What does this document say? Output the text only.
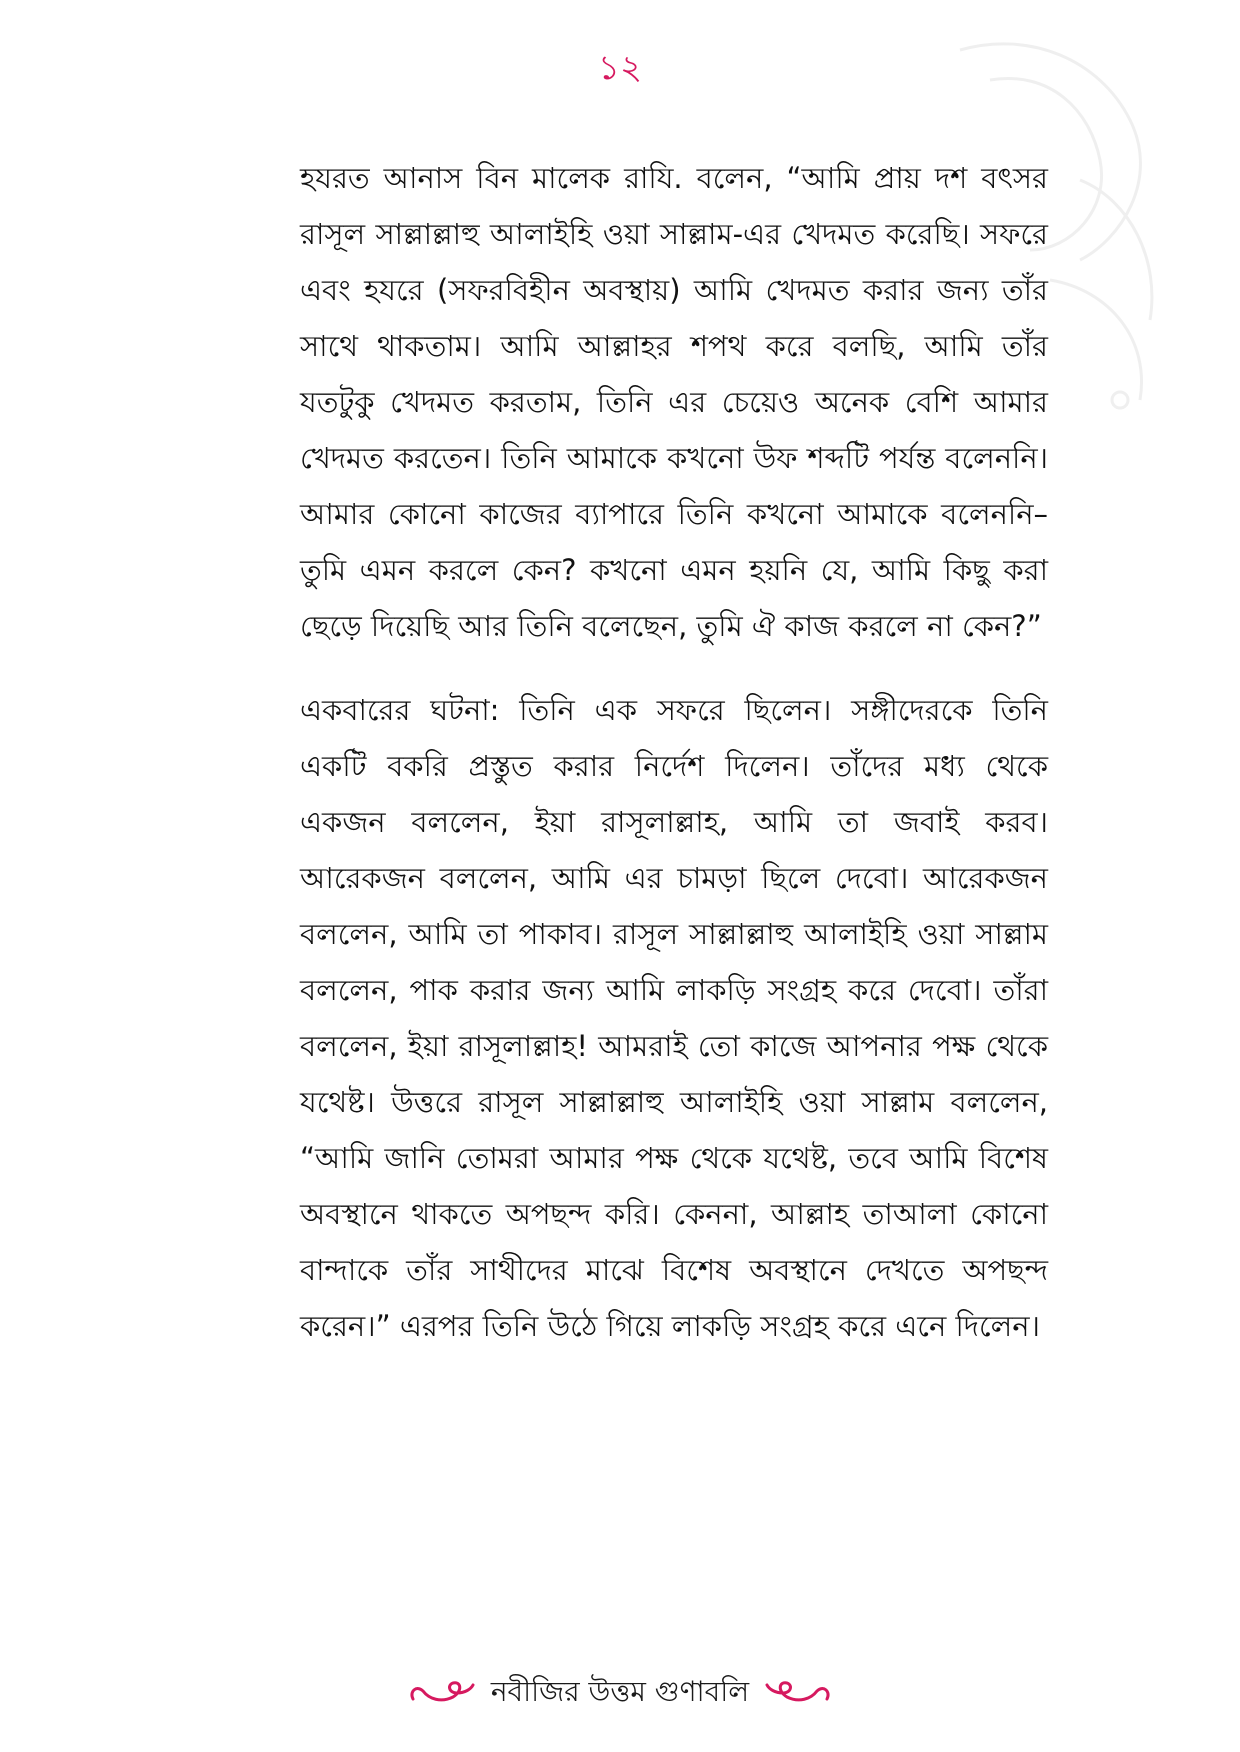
১২

হযরত আনাস বিন মালেক রাযি. বলেন, “আমি প্রায় দশ বৎসর রাসূল সাল্লাল্লাহু আলাইহি ওয়া সাল্লাম-এর খেদমত করেছি। সফরে এবং হযরে (সফরবিহীন অবস্থায়) আমি খেদমত করার জন্য তাঁর সাথে থাকতাম। আমি আল্লাহর শপথ করে বলছি, আমি তাঁর যতটুকু খেদমত করতাম, তিনি এর চেয়েও অনেক বেশি আমার খেদমত করতেন। তিনি আমাকে কখনো উফ শব্দটি পর্যন্ত বলেননি। আমার কোনো কাজের ব্যাপারে তিনি কখনো আমাকে বলেননি– তুমি এমন করলে কেন? কখনো এমন হয়নি যে, আমি কিছু করা ছেড়ে দিয়েছি আর তিনি বলেছেন, তুমি ঐ কাজ করলে না কেন?”

একবারের ঘটনা: তিনি এক সফরে ছিলেন। সঙ্গীদেরকে তিনি একটি বকরি প্রস্তুত করার নির্দেশ দিলেন। তাঁদের মধ্য থেকে একজন বললেন, ইয়া রাসূলাল্লাহ, আমি তা জবাই করব। আরেকজন বললেন, আমি এর চামড়া ছিলে দেবো। আরেকজন বললেন, আমি তা পাকাব। রাসূল সাল্লাল্লাহু আলাইহি ওয়া সাল্লাম বললেন, পাক করার জন্য আমি লাকড়ি সংগ্রহ করে দেবো। তাঁরা বললেন, ইয়া রাসূলাল্লাহ! আমরাই তো কাজে আপনার পক্ষ থেকে যথেষ্ট। উত্তরে রাসূল সাল্লাল্লাহু আলাইহি ওয়া সাল্লাম বললেন, “আমি জানি তোমরা আমার পক্ষ থেকে যথেষ্ট, তবে আমি বিশেষ অবস্থানে থাকতে অপছন্দ করি। কেননা, আল্লাহ তাআলা কোনো বান্দাকে তাঁর সাথীদের মাঝে বিশেষ অবস্থানে দেখতে অপছন্দ করেন।” এরপর তিনি উঠে গিয়ে লাকড়ি সংগ্রহ করে এনে দিলেন।

নবীজির উত্তম গুণাবলি
